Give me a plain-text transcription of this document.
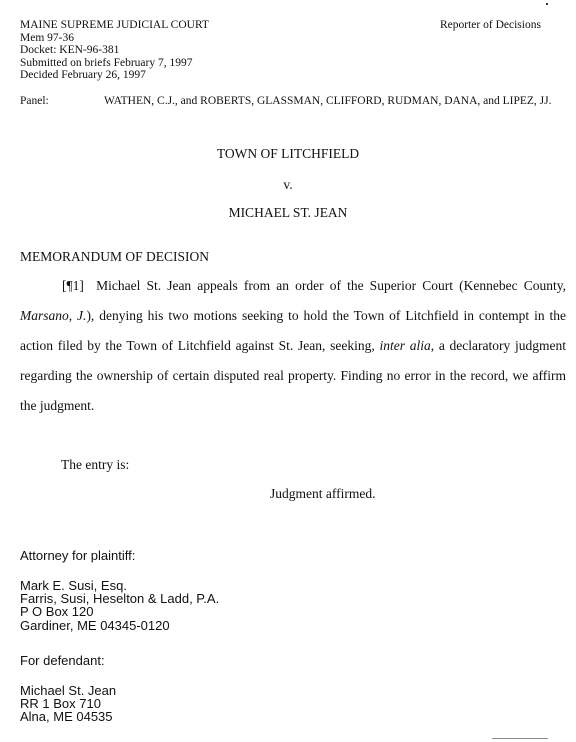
MAINE SUPREME JUDICIAL COURT
Mem 97-36
Docket: KEN-96-381
Submitted on briefs February 7, 1997
Decided February 26, 1997
Reporter of Decisions
Panel:	WATHEN, C.J., and ROBERTS, GLASSMAN, CLIFFORD, RUDMAN, DANA, and LIPEZ, JJ.
TOWN OF LITCHFIELD
v.
MICHAEL ST. JEAN
MEMORANDUM OF DECISION
[¶1] Michael St. Jean appeals from an order of the Superior Court (Kennebec County, Marsano, J.), denying his two motions seeking to hold the Town of Litchfield in contempt in the action filed by the Town of Litchfield against St. Jean, seeking, inter alia, a declaratory judgment regarding the ownership of certain disputed real property. Finding no error in the record, we affirm the judgment.
The entry is:
Judgment affirmed.
Attorney for plaintiff:
Mark E. Susi, Esq.
Farris, Susi, Heselton & Ladd, P.A.
P O Box 120
Gardiner, ME 04345-0120
For defendant:
Michael St. Jean
RR 1 Box 710
Alna, ME 04535
